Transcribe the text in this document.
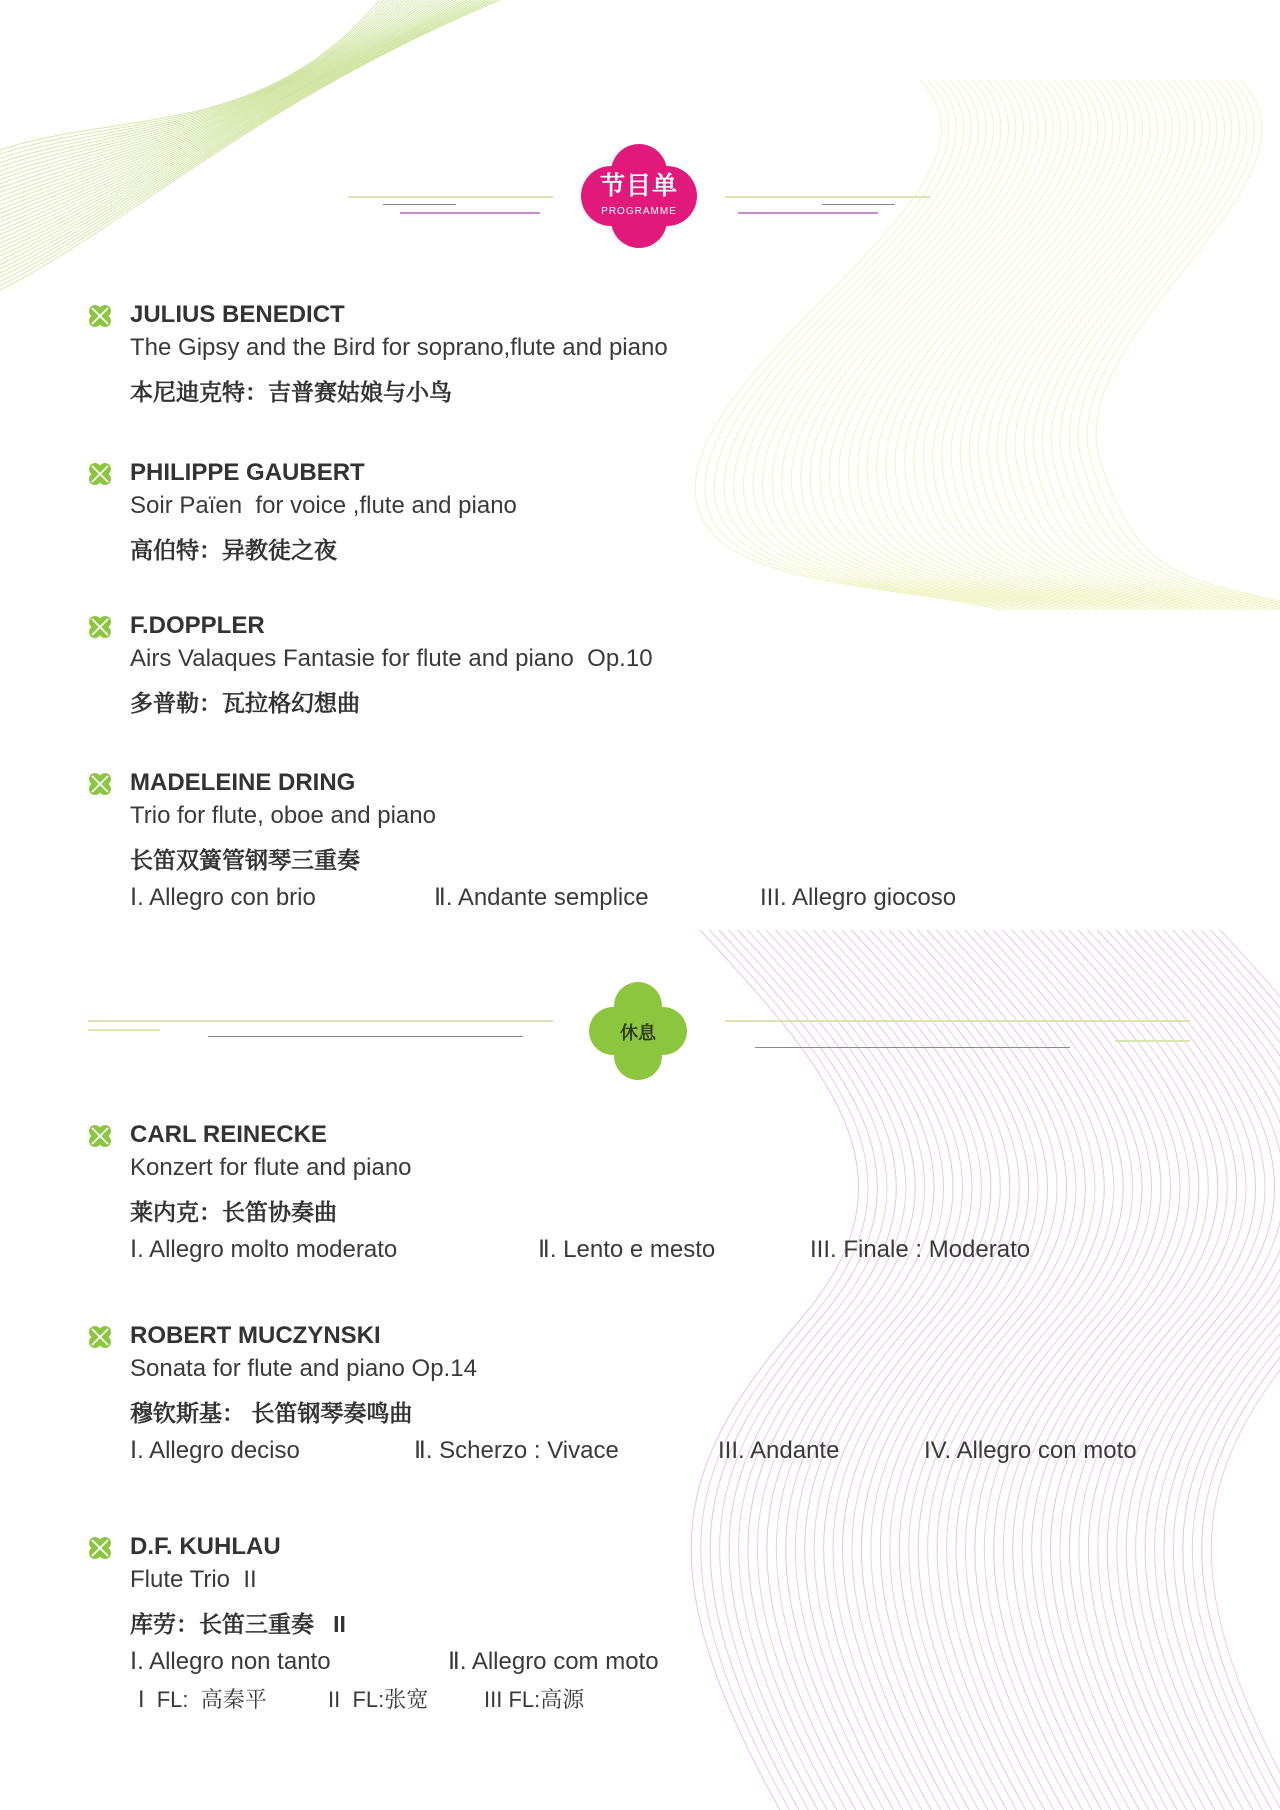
节目单
PROGRAMME
休息
JULIUS BENEDICT
The Gipsy and the Bird for soprano,flute and piano
本尼迪克特：吉普赛姑娘与小鸟
PHILIPPE GAUBERT
Soir Païen  for voice ,flute and piano
高伯特：异教徒之夜
F.DOPPLER
Airs Valaques Fantasie for flute and piano  Op.10
多普勒：瓦拉格幻想曲
MADELEINE DRING
Trio for flute, oboe and piano
长笛双簧管钢琴三重奏
Ⅰ. Allegro con brio	Ⅱ. Andante semplice	III. Allegro giocoso
CARL REINECKE
Konzert for flute and piano
莱内克：长笛协奏曲
Ⅰ. Allegro molto moderato	Ⅱ. Lento e mesto	III. Finale : Moderato
ROBERT MUCZYNSKI
Sonata for flute and piano Op.14
穆钦斯基： 长笛钢琴奏鸣曲
Ⅰ. Allegro deciso	Ⅱ. Scherzo : Vivace	III. Andante	IV. Allegro con moto
D.F. KUHLAU
Flute Trio  II
库劳：长笛三重奏   II
Ⅰ. Allegro non tanto	Ⅱ. Allegro com moto
Ⅰ  FL:  高秦平	II  FL:张宽	III FL:高源
